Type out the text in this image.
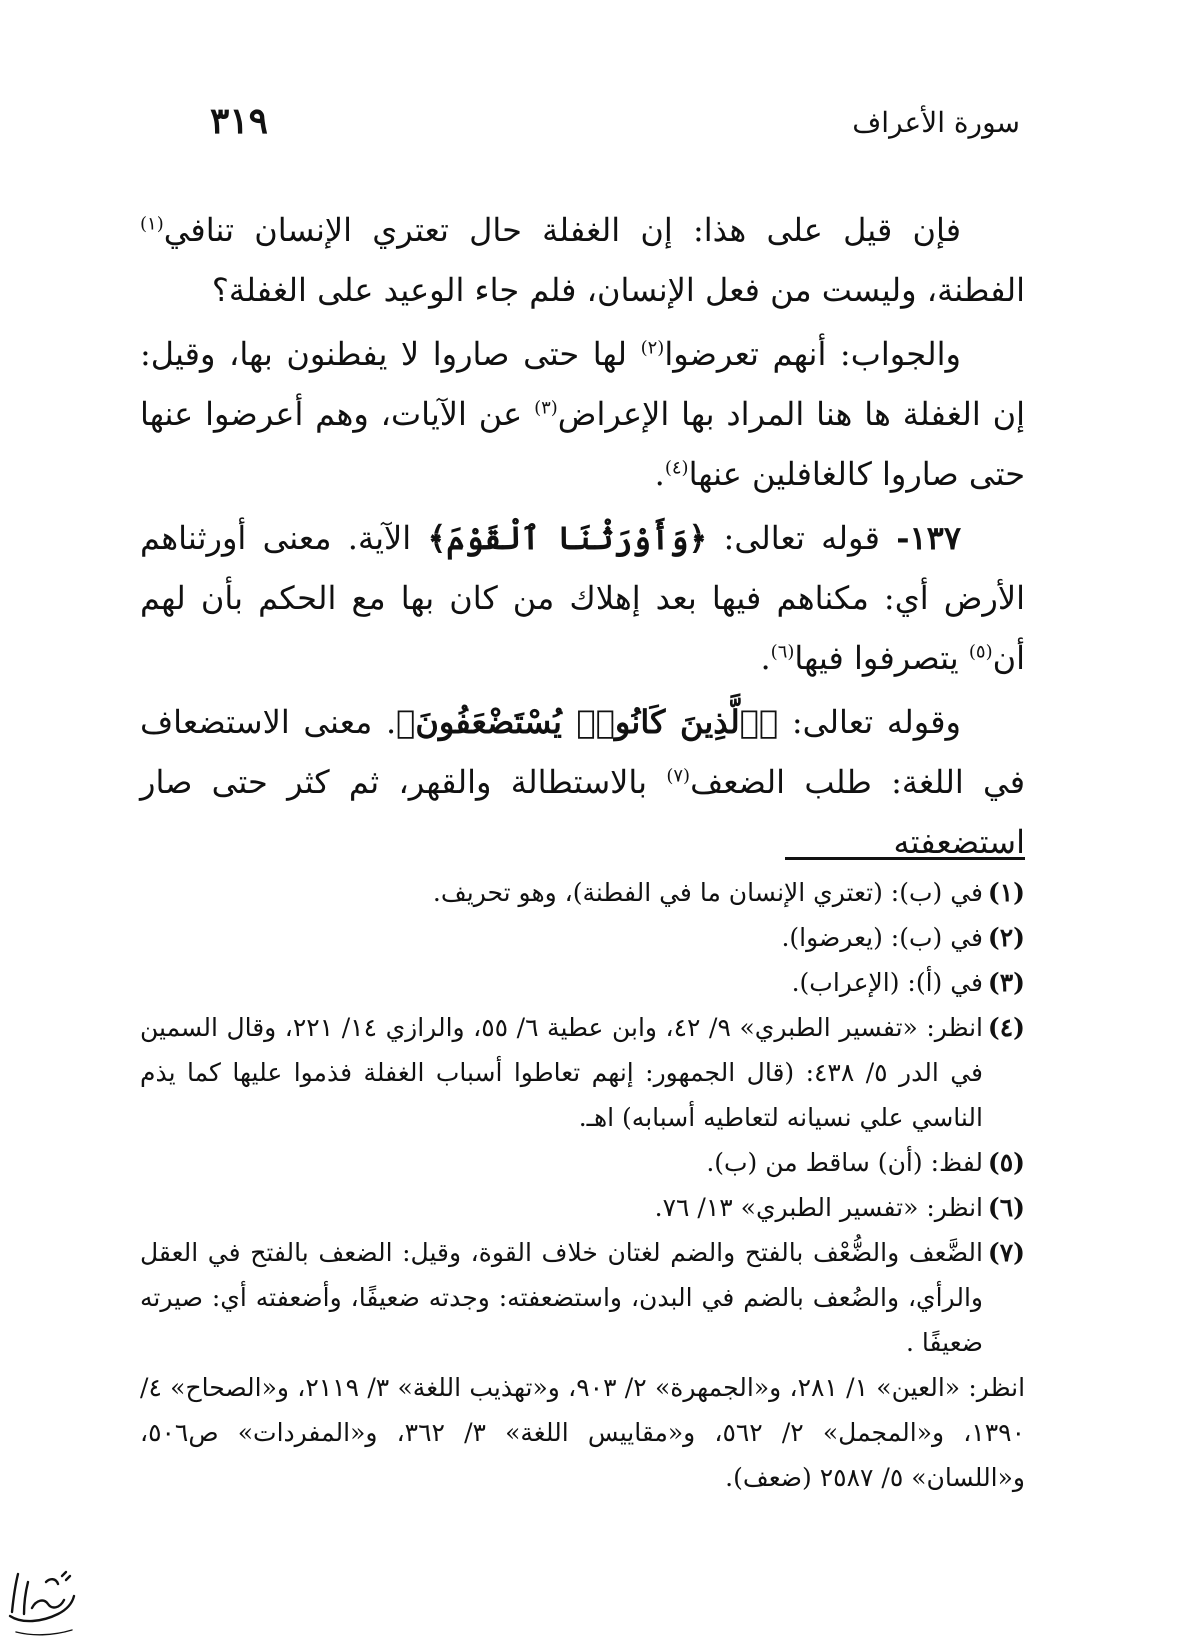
٣١٩	سورة الأعراف

فإن قيل على هذا: إن الغفلة حال تعتري الإنسان تنافي$^{(١)}$ الفطنة، وليست من فعل الإنسان، فلم جاء الوعيد على الغفلة؟

والجواب: أنهم تعرضوا$^{(٢)}$ لها حتى صاروا لا يفطنون بها، وقيل: إن الغفلة ها هنا المراد بها الإعراض$^{(٣)}$ عن الآيات، وهم أعرضوا عنها حتى صاروا كالغافلين عنها$^{(٤)}$.

١٣٧- قوله تعالى: ﴿وَأَوْرَثْنَا ٱلْقَوْمَ﴾ الآية. معنى أورثناهم الأرض أي: مكناهم فيها بعد إهلاك من كان بها مع الحكم بأن لهم أن$^{(٥)}$ يتصرفوا فيها$^{(٦)}$.

وقوله تعالى: ﴿ٱلَّذِينَ كَانُوا۟ يُسْتَضْعَفُونَ﴾. معنى الاستضعاف في اللغة: طلب الضعف$^{(٧)}$ بالاستطالة والقهر، ثم كثر حتى صار استضعفته

(١)
في (ب): (تعتري الإنسان ما في الفطنة)، وهو تحريف.

(٢)
في (ب): (يعرضوا).

(٣)
في (أ): (الإعراب).

(٤)
انظر: «تفسير الطبري» ٩/ ٤٢، وابن عطية ٦/ ٥٥، والرازي ١٤/ ٢٢١، وقال السمين في الدر ٥/ ٤٣٨: (قال الجمهور: إنهم تعاطوا أسباب الغفلة فذموا عليها كما يذم الناسي علي نسيانه لتعاطيه أسبابه) اهـ.

(٥)
لفظ: (أن) ساقط من (ب).

(٦)
انظر: «تفسير الطبري» ١٣/ ٧٦.

(٧)
الضَّعف والضُّعْف بالفتح والضم لغتان خلاف القوة، وقيل: الضعف بالفتح في العقل والرأي، والضُعف بالضم في البدن، واستضعفته: وجدته ضعيفًا، وأضعفته أي: صيرته ضعيفًا .

انظر: «العين» ١/ ٢٨١، و«الجمهرة» ٢/ ٩٠٣، و«تهذيب اللغة» ٣/ ٢١١٩، و«الصحاح» ٤/ ١٣٩٠، و«المجمل» ٢/ ٥٦٢، و«مقاييس اللغة» ٣/ ٣٦٢، و«المفردات» ص٥٠٦، و«اللسان» ٥/ ٢٥٨٧ (ضعف).
